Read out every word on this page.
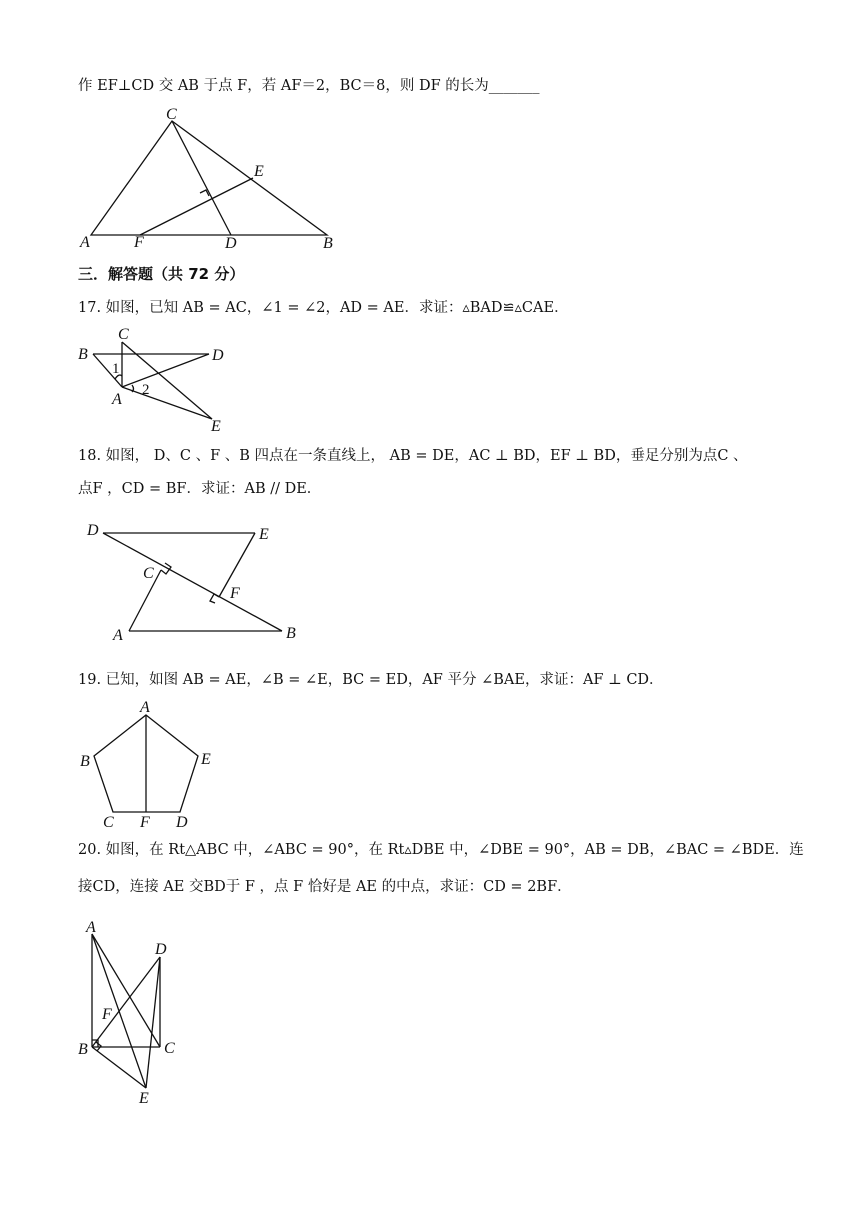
作 EF⊥CD 交 AB 于点 F，若 AF＝2，BC＝8，则 DF 的长为_______
C
E
A	F	D	B
三．解答题（共 72 分）
17. 如图，已知 AB = AC，∠1 = ∠2，AD = AE．求证：▵BAD≌▵CAE．
C
B	D
1
2
A
E
18. 如图， D、C 、F 、B 四点在一条直线上， AB = DE，AC ⊥ BD，EF ⊥ BD，垂足分别为点C 、
点F ，CD = BF．求证：AB // DE．
D	E
C
F
A	B
19. 已知，如图 AB = AE，∠B = ∠E，BC = ED，AF 平分 ∠BAE，求证：AF ⊥ CD．
A
B	E
C F D
20. 如图，在 Rt△ABC 中，∠ABC = 90°，在 Rt▵DBE 中，∠DBE = 90°，AB = DB，∠BAC = ∠BDE．连
接CD，连接 AE 交BD于 F ，点 F 恰好是 AE 的中点，求证：CD = 2BF．
A
D
F
B	C
E
